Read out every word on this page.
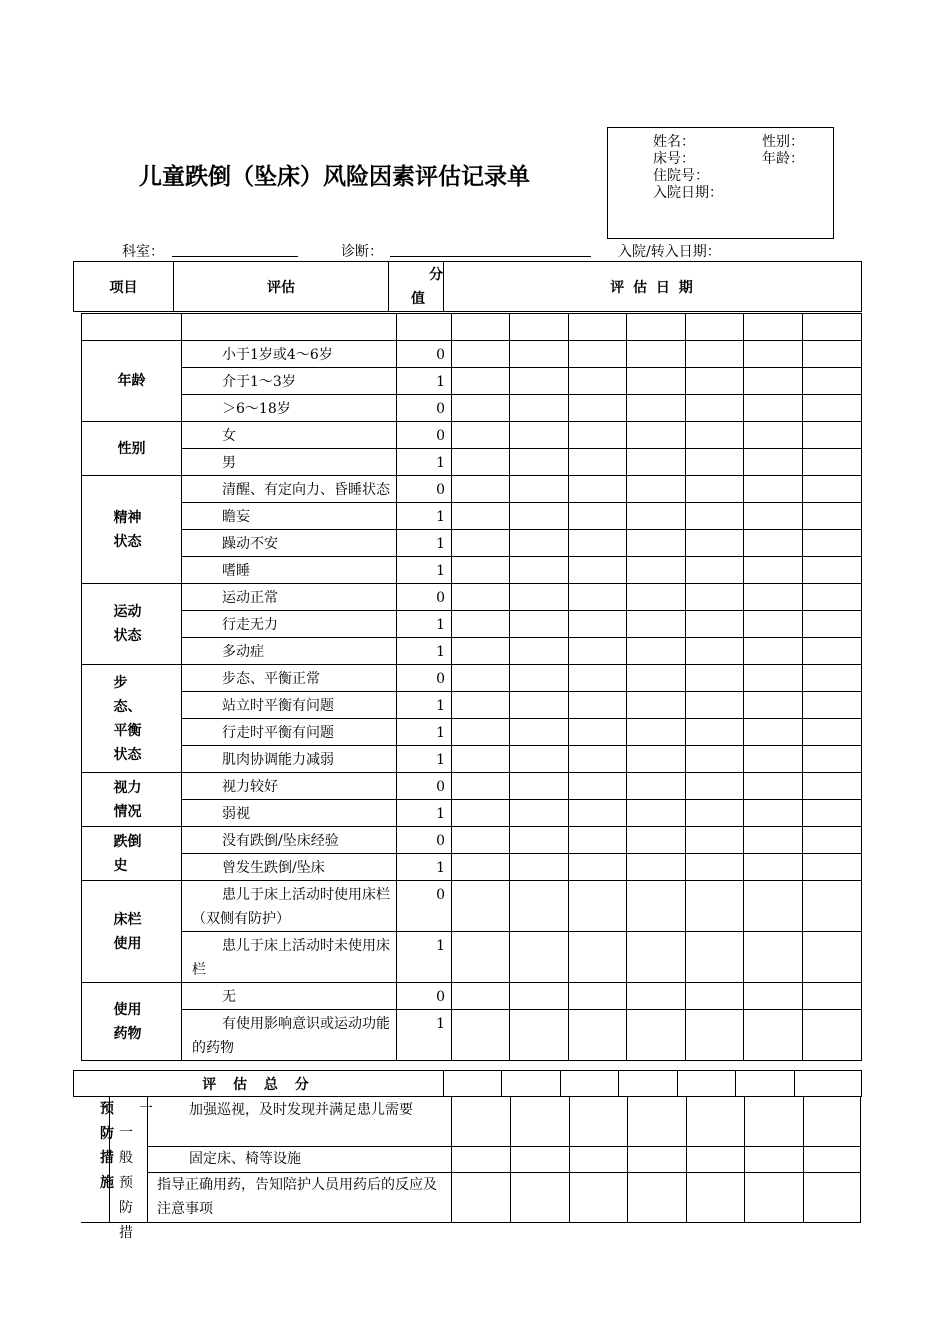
儿童跌倒（坠床）风险因素评估记录单
姓名：	性别：
床号：	年龄：
住院号：
入院日期：
科室：	诊断：	入院/转入日期：
项目	评估	
分
值
	评 估 日 期

年龄	小于1岁或4～6岁	0							

	介于1～3岁	1							

	＞6～18岁	0							
性别	女	0							

	男	1							
精神状态	清醒、有定向力、昏睡状态	0							

	瞻妄	1							

	躁动不安	1							

	嗜睡	1							
运动状态	运动正常	0							

	行走无力	1							

	多动症	1							
步态、平衡状态	步态、平衡正常	0							

	站立时平衡有问题	1							

	行走时平衡有问题	1							

	肌肉协调能力减弱	1							
视力情况	视力较好	0							

	弱视	1							
跌倒史	没有跌倒/坠床经验	0							

	曾发生跌倒/坠床	1							
床栏使用	患儿于床上活动时使用床栏（双侧有防护）	0							

	患儿于床上活动时未使用床栏	1							
使用药物	无	0							

	有使用影响意识或运动功能的药物	1							
评 估 总 分							
预防措施
一般预防措
一	加强巡视，及时发现并满足患儿需要
固定床、椅等设施
指导正确用药，告知陪护人员用药后的反应及注意事项
